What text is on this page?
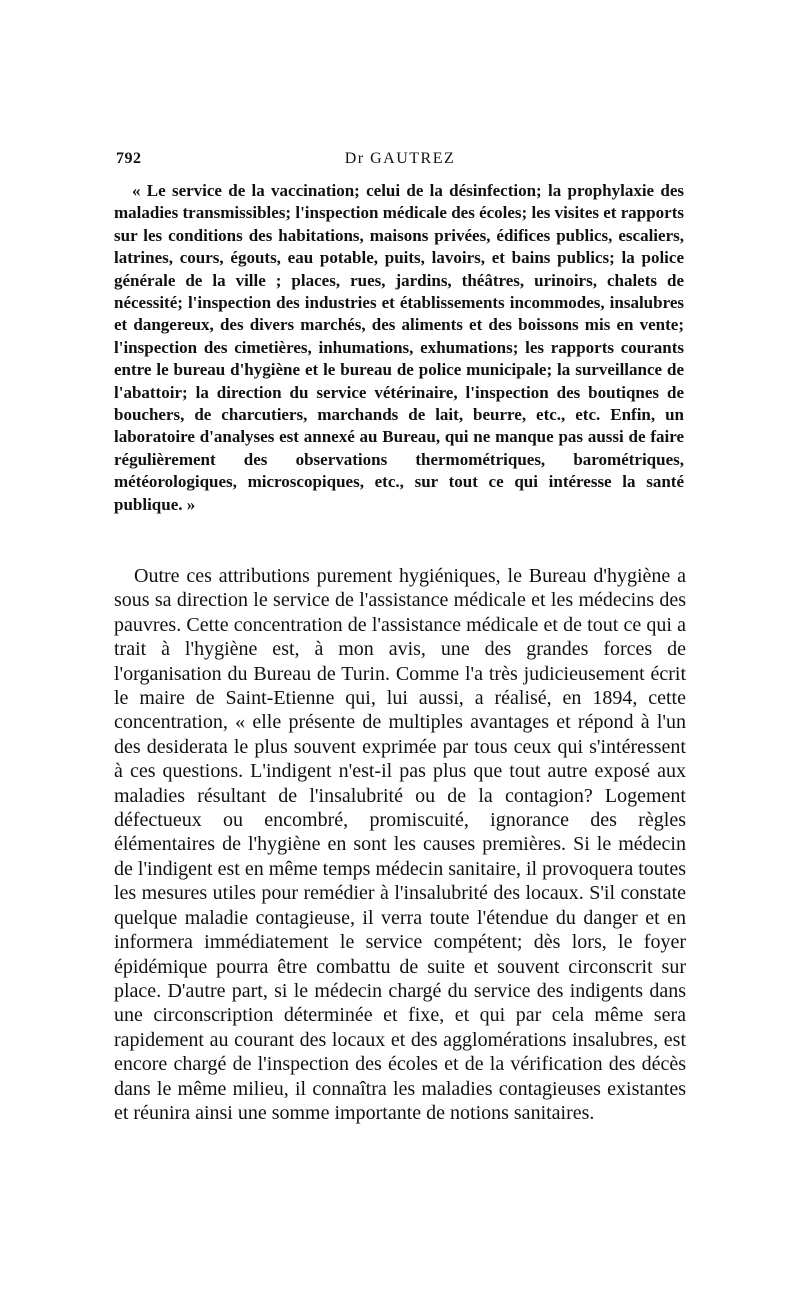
792	Dr GAUTREZ

« Le service de la vaccination; celui de la désinfection; la prophylaxie des maladies transmissibles; l'inspection médicale des écoles; les visites et rapports sur les conditions des habitations, maisons privées, édifices publics, escaliers, latrines, cours, égouts, eau potable, puits, lavoirs, et bains publics; la police générale de la ville ; places, rues, jardins, théâtres, urinoirs, chalets de nécessité; l'inspection des industries et établissements incommodes, insalubres et dangereux, des divers marchés, des aliments et des boissons mis en vente; l'inspection des cimetières, inhumations, exhumations; les rapports courants entre le bureau d'hygiène et le bureau de police municipale; la surveillance de l'abattoir; la direction du service vétérinaire, l'inspection des boutiqnes de bouchers, de charcutiers, marchands de lait, beurre, etc., etc. Enfin, un laboratoire d'analyses est annexé au Bureau, qui ne manque pas aussi de faire régulièrement des observations thermométriques, barométriques, météorologiques, microscopiques, etc., sur tout ce qui intéresse la santé publique. »

Outre ces attributions purement hygiéniques, le Bureau d'hygiène a sous sa direction le service de l'assistance médicale et les médecins des pauvres. Cette concentration de l'assistance médicale et de tout ce qui a trait à l'hygiène est, à mon avis, une des grandes forces de l'organisation du Bureau de Turin. Comme l'a très judicieusement écrit le maire de Saint-Etienne qui, lui aussi, a réalisé, en 1894, cette concentration, « elle présente de multiples avantages et répond à l'un des desiderata le plus souvent exprimée par tous ceux qui s'intéressent à ces questions. L'indigent n'est-il pas plus que tout autre exposé aux maladies résultant de l'insalubrité ou de la contagion? Logement défectueux ou encombré, promiscuité, ignorance des règles élémentaires de l'hygiène en sont les causes premières. Si le médecin de l'indigent est en même temps médecin sanitaire, il provoquera toutes les mesures utiles pour remédier à l'insalubrité des locaux. S'il constate quelque maladie contagieuse, il verra toute l'étendue du danger et en informera immédiatement le service compétent; dès lors, le foyer épidémique pourra être combattu de suite et souvent circonscrit sur place. D'autre part, si le médecin chargé du service des indigents dans une circonscription déterminée et fixe, et qui par cela même sera rapidement au courant des locaux et des agglomérations insalubres, est encore chargé de l'inspection des écoles et de la vérification des décès dans le même milieu, il connaîtra les maladies contagieuses existantes et réunira ainsi une somme importante de notions sanitaires.
